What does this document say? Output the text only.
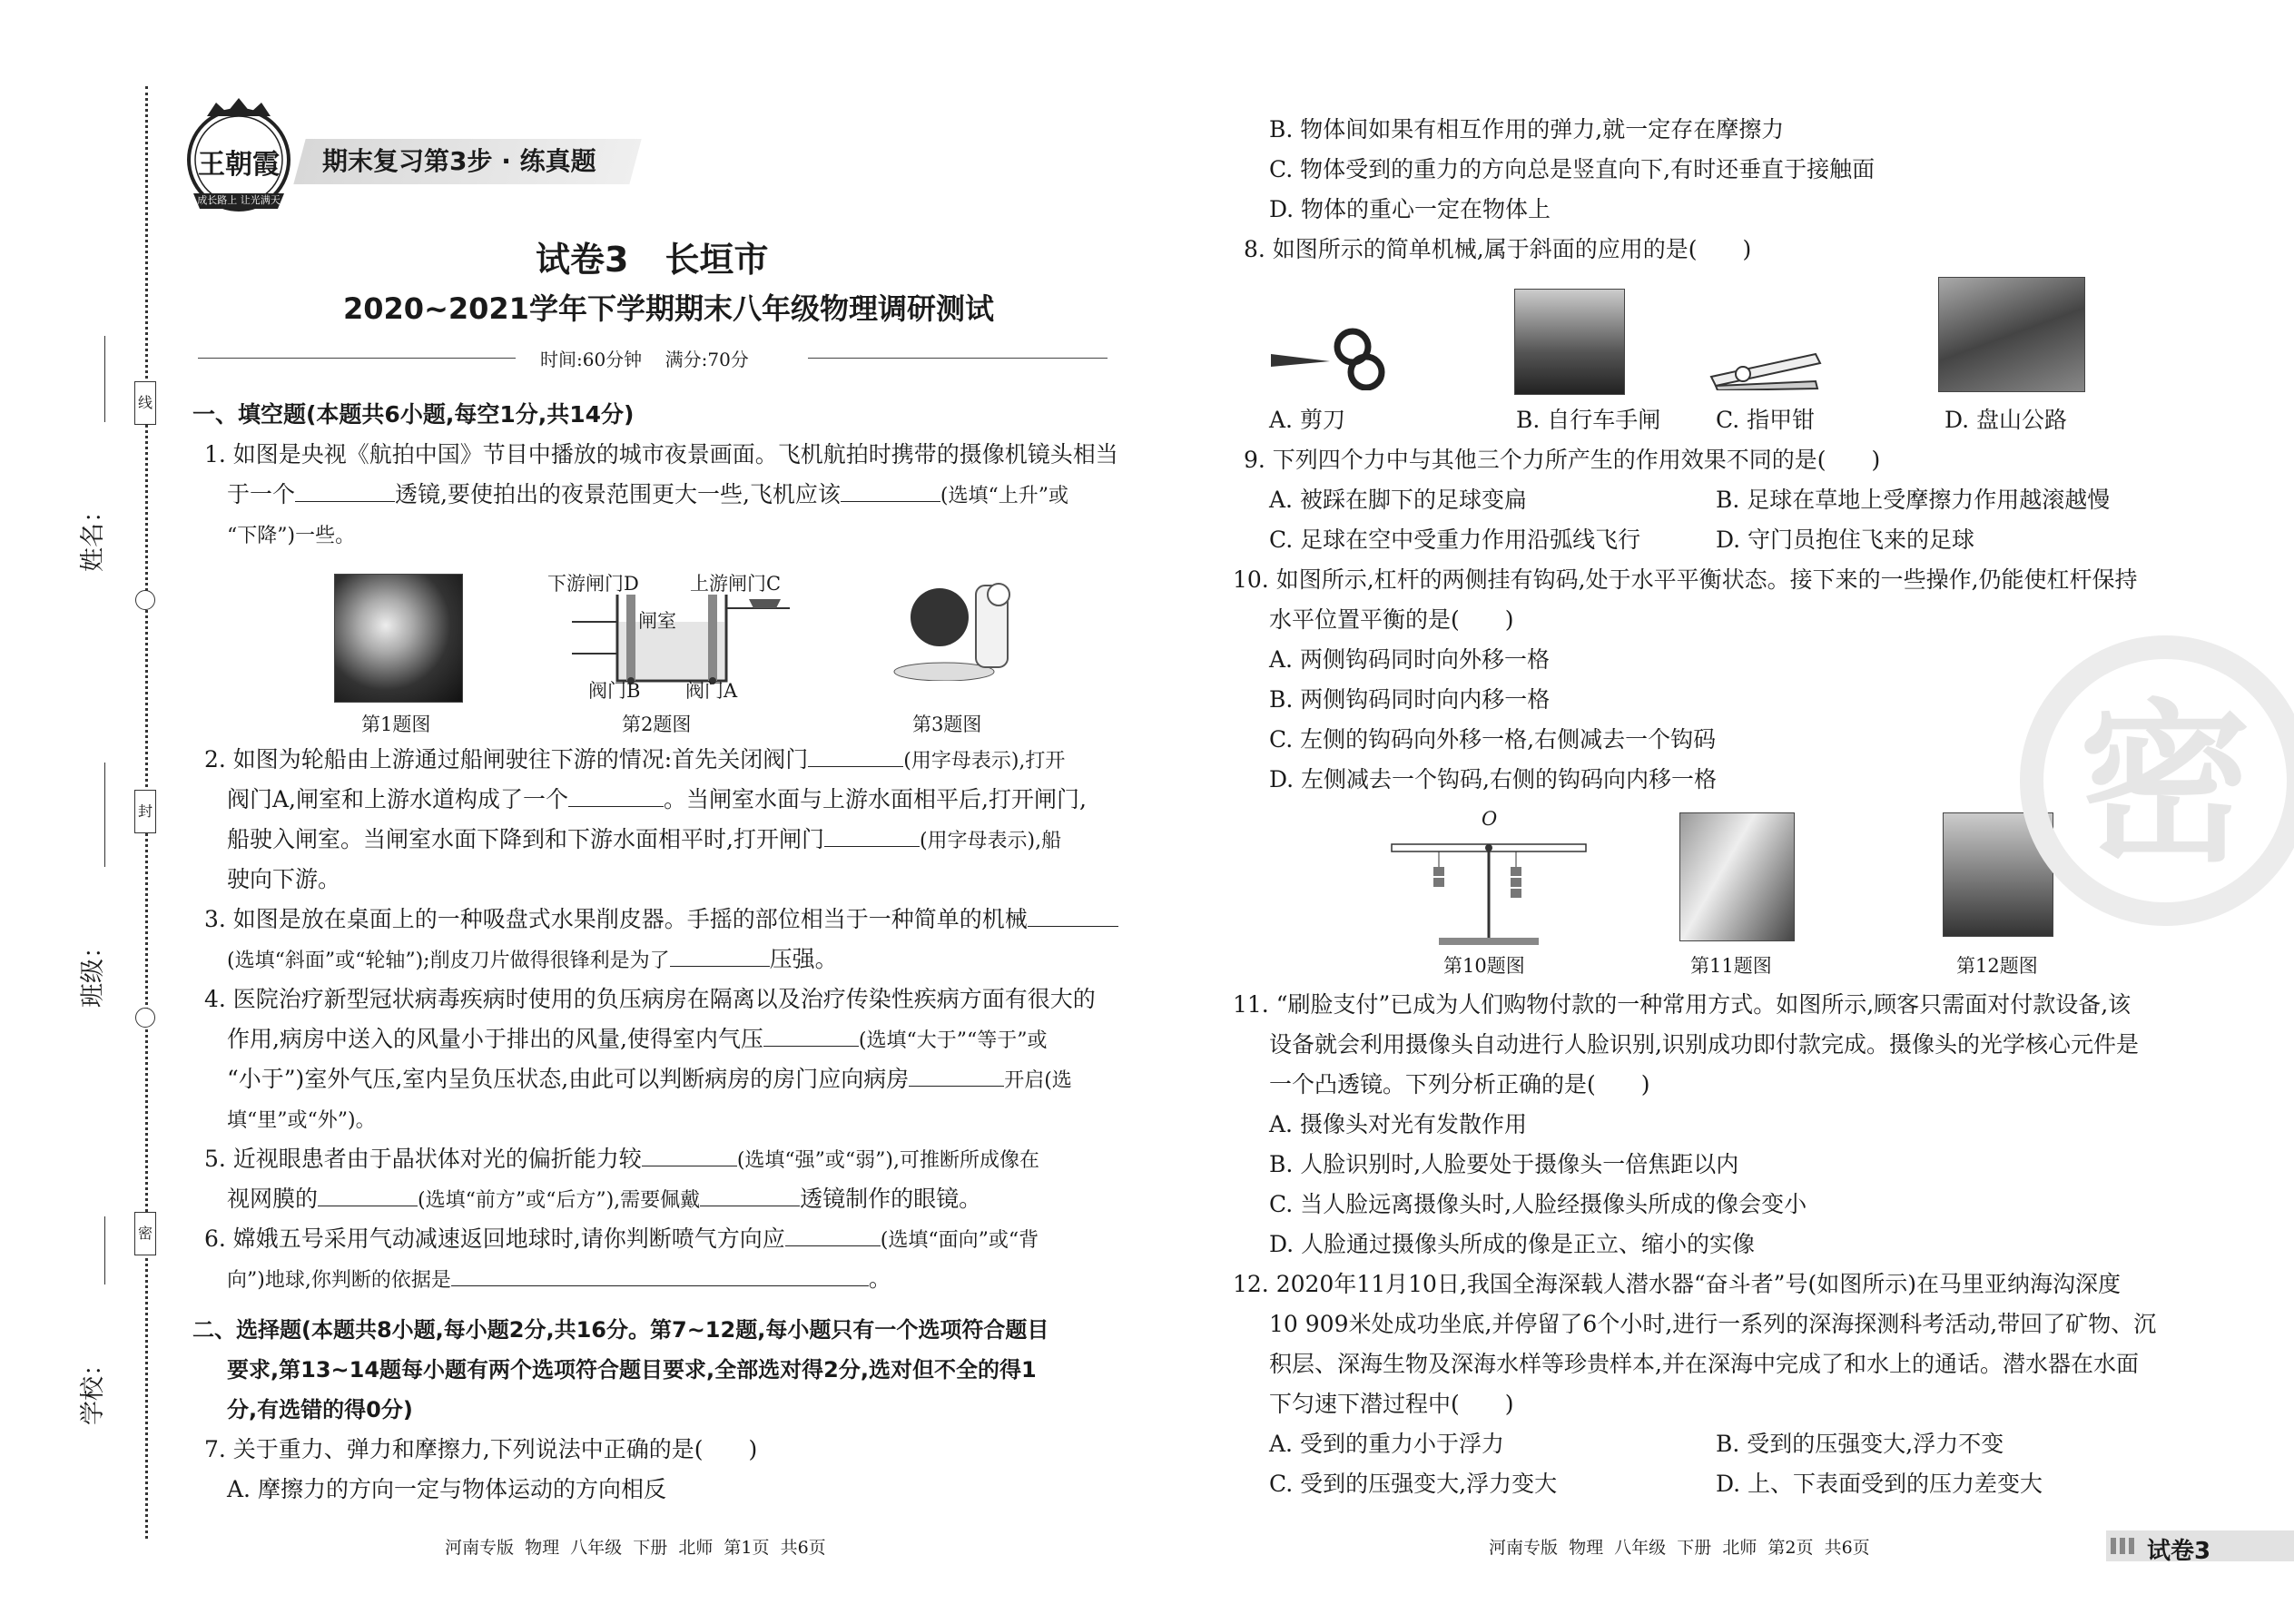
线
封
密
姓名：
班级：
学校：
王朝霞
成长路上 让光满天
期末复习第3步 · 练真题
试卷3 长垣市
2020~2021学年下学期期末八年级物理调研测试
时间:60分钟    满分:70分
一、填空题(本题共6小题,每空1分,共14分)
1. 如图是央视《航拍中国》节目中播放的城市夜景画面。飞机航拍时携带的摄像机镜头相当
于一个	透镜,要使拍出的夜景范围更大一些,飞机应该	(选填“上升”或
“下降”)一些。
下游闸门D	上游闸门C
闸室
阀门B 阀门A
第1题图	第2题图	第3题图
2. 如图为轮船由上游通过船闸驶往下游的情况:首先关闭阀门	(用字母表示),打开
阀门A,闸室和上游水道构成了一个	。当闸室水面与上游水面相平后,打开闸门,
船驶入闸室。当闸室水面下降到和下游水面相平时,打开闸门	(用字母表示),船
驶向下游。
3. 如图是放在桌面上的一种吸盘式水果削皮器。手摇的部位相当于一种简单的机械
(选填“斜面”或“轮轴”);削皮刀片做得很锋利是为了	压强。
4. 医院治疗新型冠状病毒疾病时使用的负压病房在隔离以及治疗传染性疾病方面有很大的
作用,病房中送入的风量小于排出的风量,使得室内气压	(选填“大于”“等于”或
“小于”)室外气压,室内呈负压状态,由此可以判断病房的房门应向病房	开启(选
填“里”或“外”)。
5. 近视眼患者由于晶状体对光的偏折能力较	(选填“强”或“弱”),可推断所成像在
视网膜的	(选填“前方”或“后方”),需要佩戴	透镜制作的眼镜。
6. 嫦娥五号采用气动减速返回地球时,请你判断喷气方向应	(选填“面向”或“背
向”)地球,你判断的依据是	。
二、选择题(本题共8小题,每小题2分,共16分。第7~12题,每小题只有一个选项符合题目
要求,第13~14题每小题有两个选项符合题目要求,全部选对得2分,选对但不全的得1
分,有选错的得0分)
7. 关于重力、弹力和摩擦力,下列说法中正确的是(　　)
A. 摩擦力的方向一定与物体运动的方向相反
B. 物体间如果有相互作用的弹力,就一定存在摩擦力
C. 物体受到的重力的方向总是竖直向下,有时还垂直于接触面
D. 物体的重心一定在物体上
8. 如图所示的简单机械,属于斜面的应用的是(　　)
A. 剪刀	B. 自行车手闸 C. 指甲钳	D. 盘山公路
9. 下列四个力中与其他三个力所产生的作用效果不同的是(　　)
A. 被踩在脚下的足球变扁	B. 足球在草地上受摩擦力作用越滚越慢
C. 足球在空中受重力作用沿弧线飞行	D. 守门员抱住飞来的足球
10. 如图所示,杠杆的两侧挂有钩码,处于水平平衡状态。接下来的一些操作,仍能使杠杆保持
水平位置平衡的是(　　)
A. 两侧钩码同时向外移一格
B. 两侧钩码同时向内移一格
C. 左侧的钩码向外移一格,右侧减去一个钩码
D. 左侧减去一个钩码,右侧的钩码向内移一格
O
第10题图	第11题图	第12题图
11. “刷脸支付”已成为人们购物付款的一种常用方式。如图所示,顾客只需面对付款设备,该
设备就会利用摄像头自动进行人脸识别,识别成功即付款完成。摄像头的光学核心元件是
一个凸透镜。下列分析正确的是(　　)
A. 摄像头对光有发散作用
B. 人脸识别时,人脸要处于摄像头一倍焦距以内
C. 当人脸远离摄像头时,人脸经摄像头所成的像会变小
D. 人脸通过摄像头所成的像是正立、缩小的实像
12. 2020年11月10日,我国全海深载人潜水器“奋斗者”号(如图所示)在马里亚纳海沟深度
10 909米处成功坐底,并停留了6个小时,进行一系列的深海探测科考活动,带回了矿物、沉
积层、深海生物及深海水样等珍贵样本,并在深海中完成了和水上的通话。潜水器在水面
下匀速下潜过程中(　　)
A. 受到的重力小于浮力	B. 受到的压强变大,浮力不变
C. 受到的压强变大,浮力变大	D. 上、下表面受到的压力差变大
密
河南专版  物理  八年级  下册  北师  第1页  共6页	河南专版  物理  八年级  下册  北师  第2页  共6页	试卷3
